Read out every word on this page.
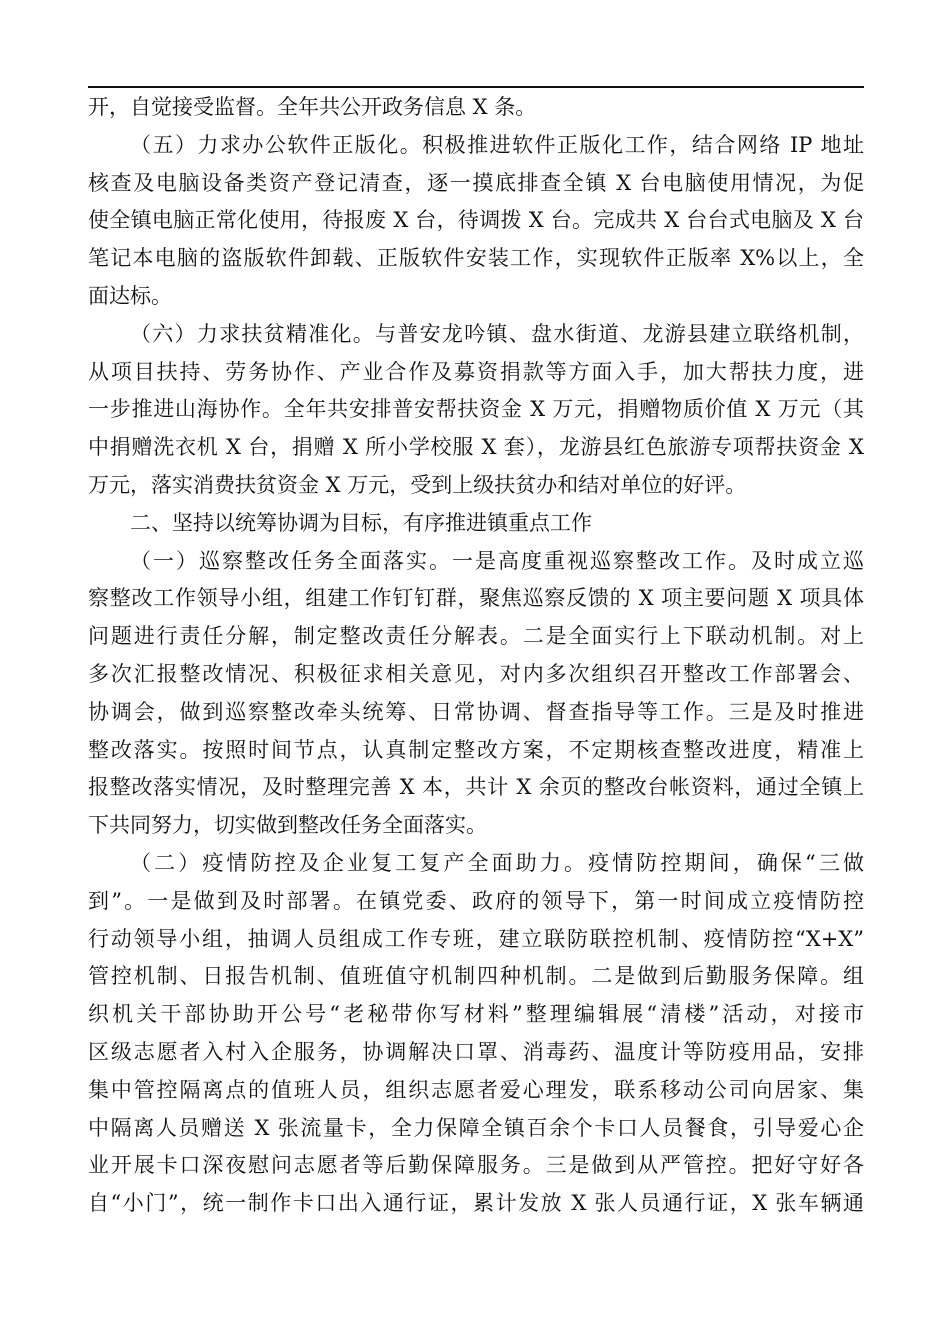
开，自觉接受监督。全年共公开政务信息 X 条。
（五）力求办公软件正版化。积极推进软件正版化工作，结合网络 IP 地址
核查及电脑设备类资产登记清查，逐一摸底排查全镇 X 台电脑使用情况，为促
使全镇电脑正常化使用，待报废 X 台，待调拨 X 台。完成共 X 台台式电脑及 X 台
笔记本电脑的盗版软件卸载、正版软件安装工作，实现软件正版率 X%以上，全
面达标。
（六）力求扶贫精准化。与普安龙吟镇、盘水街道、龙游县建立联络机制，
从项目扶持、劳务协作、产业合作及募资捐款等方面入手，加大帮扶力度，进
一步推进山海协作。全年共安排普安帮扶资金 X 万元，捐赠物质价值 X 万元（其
中捐赠洗衣机 X 台，捐赠 X 所小学校服 X 套），龙游县红色旅游专项帮扶资金 X
万元，落实消费扶贫资金 X 万元，受到上级扶贫办和结对单位的好评。
二、坚持以统筹协调为目标，有序推进镇重点工作
（一）巡察整改任务全面落实。一是高度重视巡察整改工作。及时成立巡
察整改工作领导小组，组建工作钉钉群，聚焦巡察反馈的 X 项主要问题 X 项具体
问题进行责任分解，制定整改责任分解表。二是全面实行上下联动机制。对上
多次汇报整改情况、积极征求相关意见，对内多次组织召开整改工作部署会、
协调会，做到巡察整改牵头统筹、日常协调、督查指导等工作。三是及时推进
整改落实。按照时间节点，认真制定整改方案，不定期核查整改进度，精准上
报整改落实情况，及时整理完善 X 本，共计 X 余页的整改台帐资料，通过全镇上
下共同努力，切实做到整改任务全面落实。
（二）疫情防控及企业复工复产全面助力。疫情防控期间，确保“三做
到”。一是做到及时部署。在镇党委、政府的领导下，第一时间成立疫情防控
行动领导小组，抽调人员组成工作专班，建立联防联控机制、疫情防控“X+X”
管控机制、日报告机制、值班值守机制四种机制。二是做到后勤服务保障。组
织机关干部协助开公号“老秘带你写材料”整理编辑展“清楼”活动，对接市
区级志愿者入村入企服务，协调解决口罩、消毒药、温度计等防疫用品，安排
集中管控隔离点的值班人员，组织志愿者爱心理发，联系移动公司向居家、集
中隔离人员赠送 X 张流量卡，全力保障全镇百余个卡口人员餐食，引导爱心企
业开展卡口深夜慰问志愿者等后勤保障服务。三是做到从严管控。把好守好各
自“小门”，统一制作卡口出入通行证，累计发放 X 张人员通行证，X 张车辆通
